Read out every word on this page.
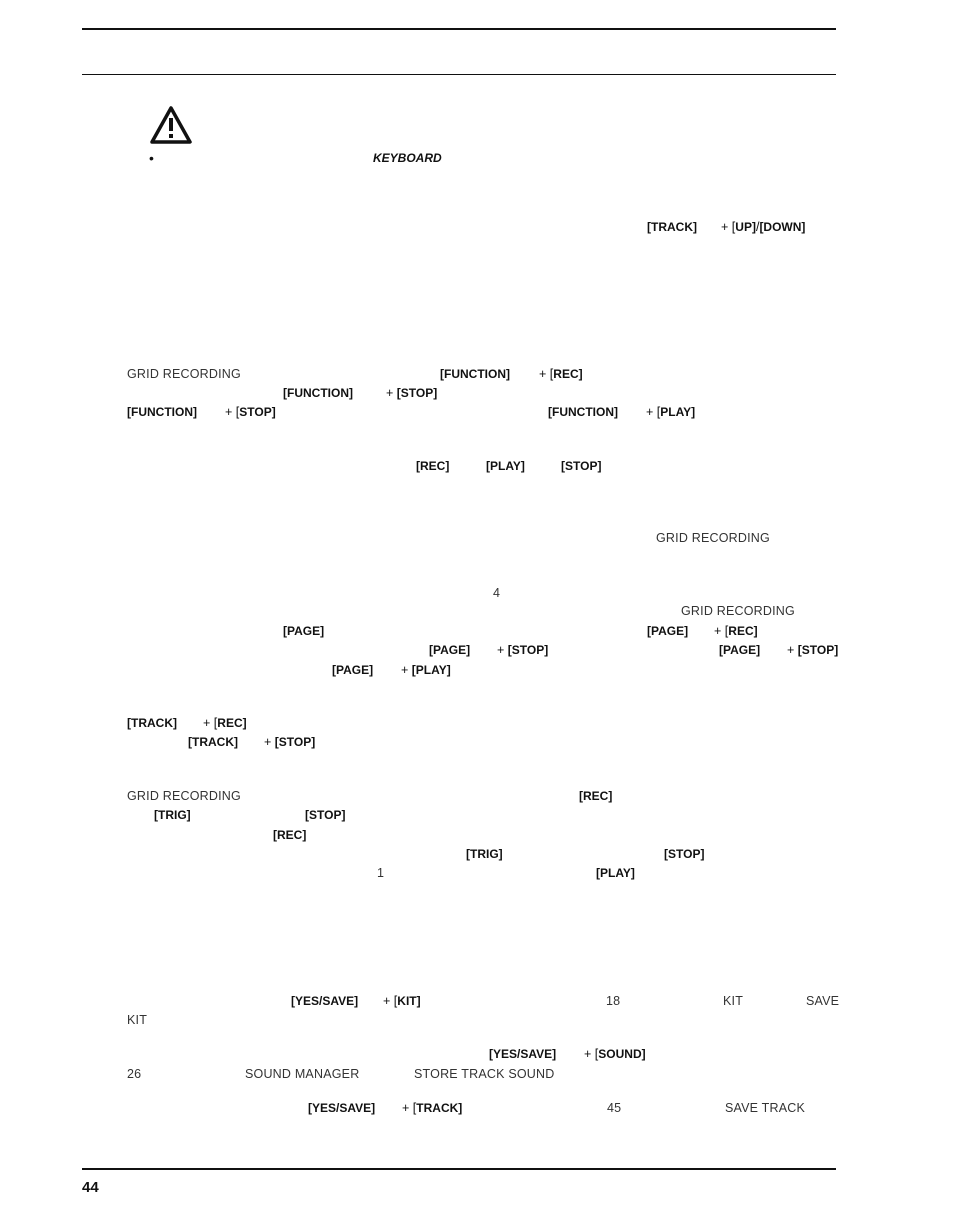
•	KEYBOARD
[TRACK] + [UP]/[DOWN]
GRID RECORDING	[FUNCTION] + [REC]
[FUNCTION]	+ [STOP]
[FUNCTION] + [STOP]	[FUNCTION] + [PLAY]
[REC]	[PLAY]	[STOP]
GRID RECORDING
4
GRID RECORDING
[PAGE]	[PAGE] + [REC]
[PAGE] + [STOP]	[PAGE] + [STOP]
[PAGE] + [PLAY]
[TRACK] + [REC]
[TRACK] + [STOP]
GRID RECORDING	[REC]
[TRIG]	[STOP]
[REC]
[TRIG]	[STOP]
1	[PLAY]
[YES/SAVE] + [KIT]	18	KIT	SAVE
KIT
[YES/SAVE] + [SOUND]
26	SOUND MANAGER	STORE TRACK SOUND
[YES/SAVE] + [TRACK]	45	SAVE TRACK
44
